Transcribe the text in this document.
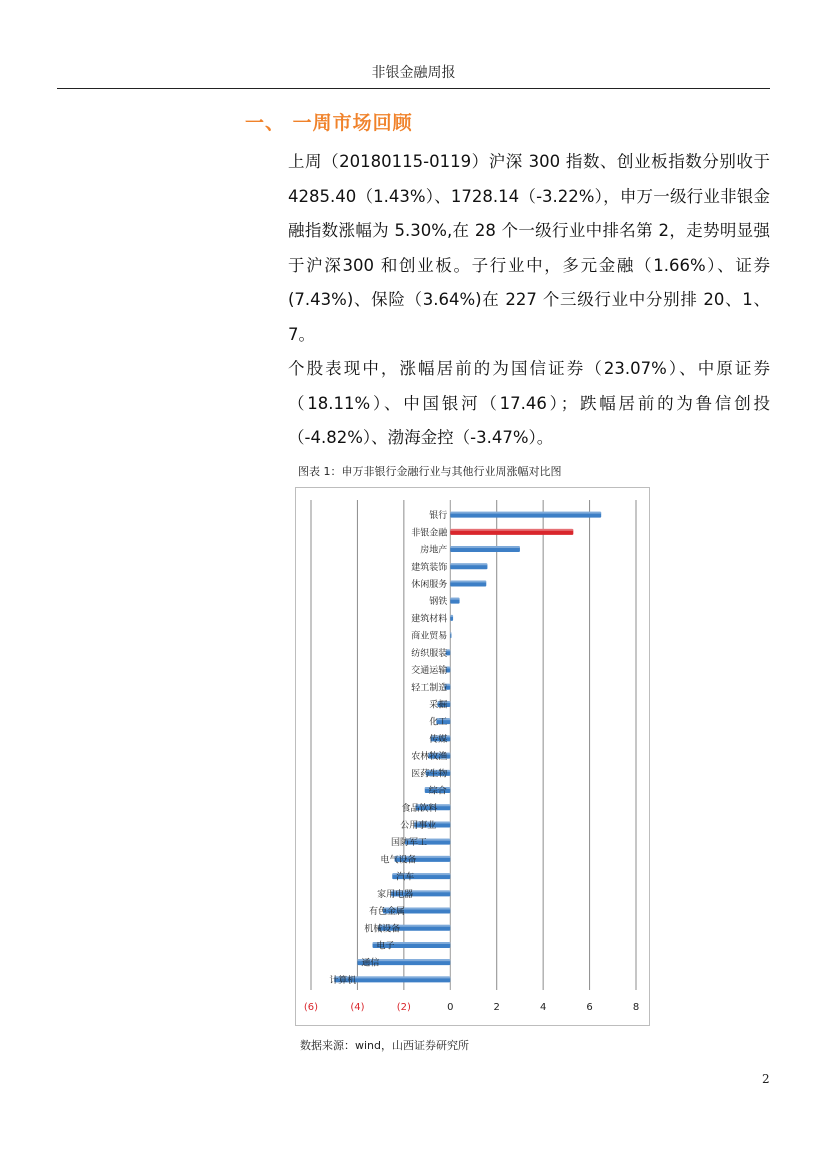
非银金融周报
一、 一周市场回顾

上周（20180115-0119）沪深 300 指数、创业板指数分别收于 4285.40（1.43%）、1728.14（-3.22%），申万一级行业非银金融指数涨幅为 5.30%,在 28 个一级行业中排名第 2，走势明显强于沪深300 和创业板。子行业中，多元金融（1.66%）、证券(7.43%)、保险（3.64%)在 227 个三级行业中分别排 20、1、7。

个股表现中，涨幅居前的为国信证券（23.07%）、中原证券（18.11%）、中国银河（17.46）；跌幅居前的为鲁信创投（-4.82%）、渤海金控（-3.47%）。

图表 1：申万非银行金融行业与其他行业周涨幅对比图
银行
非银金融
房地产
建筑装饰
休闲服务
钢铁
建筑材料
商业贸易
纺织服装
交通运输
轻工制造
采掘
化工
传媒
农林牧渔
医药生物
综合
食品饮料
公用事业
国防军工
电气设备
汽车
家用电器
有色金属
机械设备
电子
通信
计算机
(6)	(4)	(2)	0	2	4	6	8
数据来源：wind，山西证券研究所
2
